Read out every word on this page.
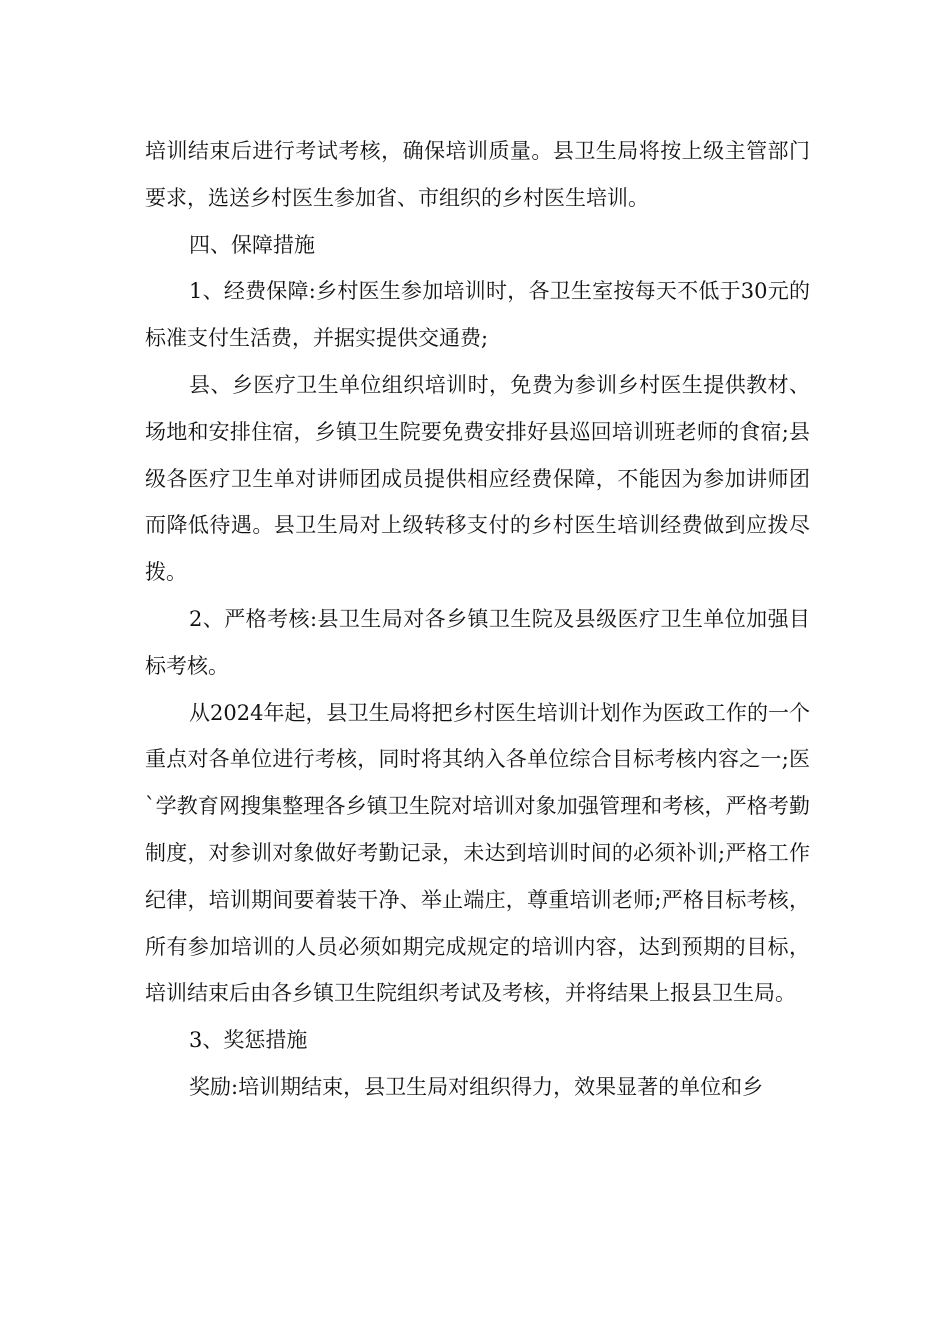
培训结束后进行考试考核，确保培训质量。县卫生局将按上级主管部门要求，选送乡村医生参加省、市组织的乡村医生培训。

四、保障措施

1、经费保障:乡村医生参加培训时，各卫生室按每天不低于30元的标准支付生活费，并据实提供交通费;

县、乡医疗卫生单位组织培训时，免费为参训乡村医生提供教材、场地和安排住宿，乡镇卫生院要免费安排好县巡回培训班老师的食宿;县级各医疗卫生单对讲师团成员提供相应经费保障，不能因为参加讲师团而降低待遇。县卫生局对上级转移支付的乡村医生培训经费做到应拨尽拨。

2、严格考核:县卫生局对各乡镇卫生院及县级医疗卫生单位加强目标考核。

从2024年起，县卫生局将把乡村医生培训计划作为医政工作的一个重点对各单位进行考核，同时将其纳入各单位综合目标考核内容之一;医`学教育网搜集整理各乡镇卫生院对培训对象加强管理和考核，严格考勤制度，对参训对象做好考勤记录，未达到培训时间的必须补训;严格工作纪律，培训期间要着装干净、举止端庄，尊重培训老师;严格目标考核，所有参加培训的人员必须如期完成规定的培训内容，达到预期的目标，培训结束后由各乡镇卫生院组织考试及考核，并将结果上报县卫生局。

3、奖惩措施

奖励:培训期结束，县卫生局对组织得力，效果显著的单位和乡
